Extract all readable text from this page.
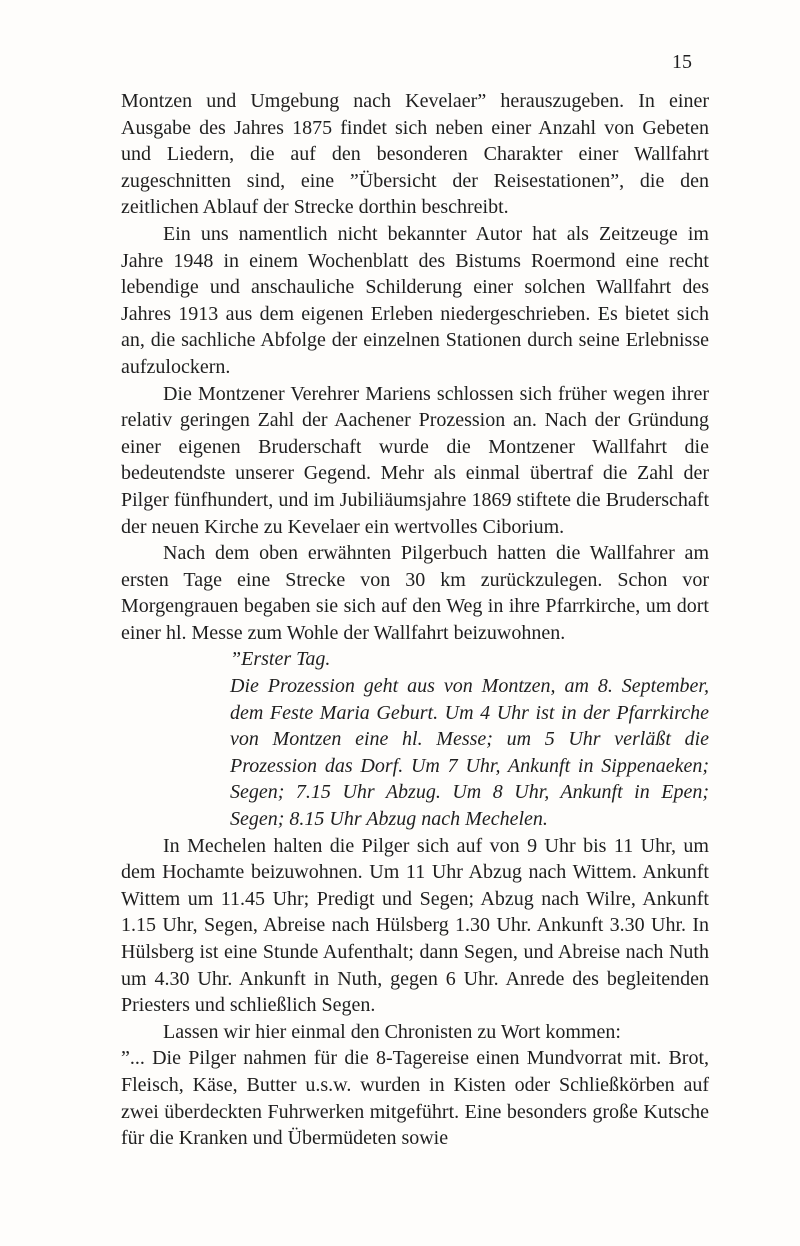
15

Montzen und Umgebung nach Kevelaer” herauszugeben. In einer Ausgabe des Jahres 1875 findet sich neben einer Anzahl von Gebeten und Liedern, die auf den besonderen Charakter einer Wallfahrt zugeschnitten sind, eine ”Übersicht der Reisestationen”, die den zeitlichen Ablauf der Strecke dorthin beschreibt.

Ein uns namentlich nicht bekannter Autor hat als Zeitzeuge im Jahre 1948 in einem Wochenblatt des Bistums Roermond eine recht lebendige und anschauliche Schilderung einer solchen Wallfahrt des Jahres 1913 aus dem eigenen Erleben niedergeschrieben. Es bietet sich an, die sachliche Abfolge der einzelnen Stationen durch seine Erlebnisse aufzulockern.

Die Montzener Verehrer Mariens schlossen sich früher wegen ihrer relativ geringen Zahl der Aachener Prozession an. Nach der Gründung einer eigenen Bruderschaft wurde die Montzener Wallfahrt die bedeutendste unserer Gegend. Mehr als einmal übertraf die Zahl der Pilger fünfhundert, und im Jubiliäumsjahre 1869 stiftete die Bruderschaft der neuen Kirche zu Kevelaer ein wertvolles Ciborium.

Nach dem oben erwähnten Pilgerbuch hatten die Wallfahrer am ersten Tage eine Strecke von 30 km zurückzulegen. Schon vor Morgengrauen begaben sie sich auf den Weg in ihre Pfarrkirche, um dort einer hl. Messe zum Wohle der Wallfahrt beizuwohnen.

”Erster Tag.

Die Prozession geht aus von Montzen, am 8. September, dem Feste Maria Geburt. Um 4 Uhr ist in der Pfarrkirche von Montzen eine hl. Messe; um 5 Uhr verläßt die Prozession das Dorf. Um 7 Uhr, Ankunft in Sippenaeken; Segen; 7.15 Uhr Abzug. Um 8 Uhr, Ankunft in Epen; Segen; 8.15 Uhr Abzug nach Mechelen.

In Mechelen halten die Pilger sich auf von 9 Uhr bis 11 Uhr, um dem Hochamte beizuwohnen. Um 11 Uhr Abzug nach Wittem. Ankunft Wittem um 11.45 Uhr; Predigt und Segen; Abzug nach Wilre, Ankunft 1.15 Uhr, Segen, Abreise nach Hülsberg 1.30 Uhr. Ankunft 3.30 Uhr. In Hülsberg ist eine Stunde Aufenthalt; dann Segen, und Abreise nach Nuth um 4.30 Uhr. Ankunft in Nuth, gegen 6 Uhr. Anrede des begleitenden Priesters und schließlich Segen.

Lassen wir hier einmal den Chronisten zu Wort kommen:

”... Die Pilger nahmen für die 8-Tagereise einen Mundvorrat mit. Brot, Fleisch, Käse, Butter u.s.w. wurden in Kisten oder Schließkörben auf zwei überdeckten Fuhrwerken mitgeführt. Eine besonders große Kutsche für die Kranken und Übermüdeten sowie
